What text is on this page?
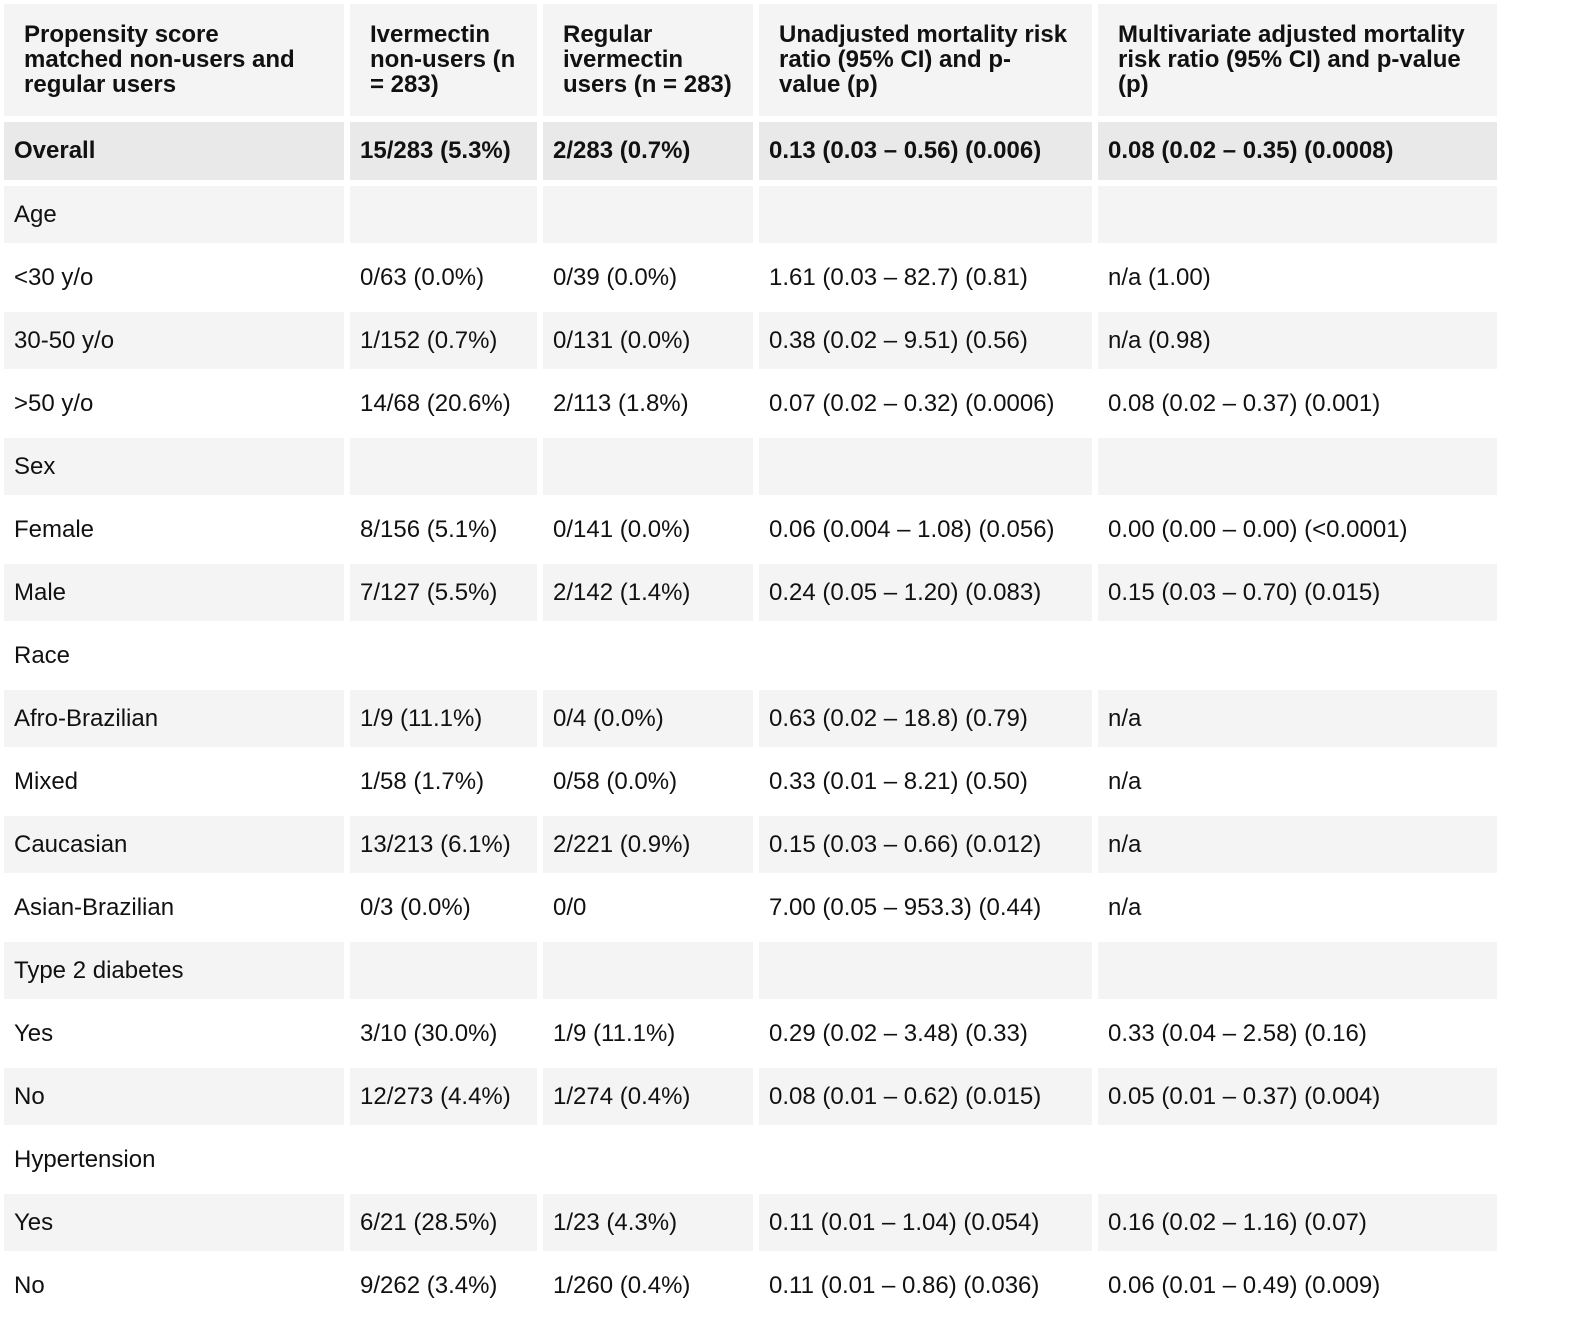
Propensity score matched non-users and regular users	Ivermectin non-users (n = 283)	Regular ivermectin users (n = 283)	Unadjusted mortality risk ratio (95% CI) and p-value (p)	Multivariate adjusted mortality risk ratio (95% CI) and p-value (p)
Overall	15/283 (5.3%)	2/283 (0.7%)	0.13 (0.03 – 0.56) (0.006)	0.08 (0.02 – 0.35) (0.0008)
Age				
<30 y/o	0/63 (0.0%)	0/39 (0.0%)	1.61 (0.03 – 82.7) (0.81)	n/a (1.00)
30-50 y/o	1/152 (0.7%)	0/131 (0.0%)	0.38 (0.02 – 9.51) (0.56)	n/a (0.98)
>50 y/o	14/68 (20.6%)	2/113 (1.8%)	0.07 (0.02 – 0.32) (0.0006)	0.08 (0.02 – 0.37) (0.001)
Sex				
Female	8/156 (5.1%)	0/141 (0.0%)	0.06 (0.004 – 1.08) (0.056)	0.00 (0.00 – 0.00) (<0.0001)
Male	7/127 (5.5%)	2/142 (1.4%)	0.24 (0.05 – 1.20) (0.083)	0.15 (0.03 – 0.70) (0.015)
Race				
Afro-Brazilian	1/9 (11.1%)	0/4 (0.0%)	0.63 (0.02 – 18.8) (0.79)	n/a
Mixed	1/58 (1.7%)	0/58 (0.0%)	0.33 (0.01 – 8.21) (0.50)	n/a
Caucasian	13/213 (6.1%)	2/221 (0.9%)	0.15 (0.03 – 0.66) (0.012)	n/a
Asian-Brazilian	0/3 (0.0%)	0/0	7.00 (0.05 – 953.3) (0.44)	n/a
Type 2 diabetes				
Yes	3/10 (30.0%)	1/9 (11.1%)	0.29 (0.02 – 3.48) (0.33)	0.33 (0.04 – 2.58) (0.16)
No	12/273 (4.4%)	1/274 (0.4%)	0.08 (0.01 – 0.62) (0.015)	0.05 (0.01 – 0.37) (0.004)
Hypertension				
Yes	6/21 (28.5%)	1/23 (4.3%)	0.11 (0.01 – 1.04) (0.054)	0.16 (0.02 – 1.16) (0.07)
No	9/262 (3.4%)	1/260 (0.4%)	0.11 (0.01 – 0.86) (0.036)	0.06 (0.01 – 0.49) (0.009)
